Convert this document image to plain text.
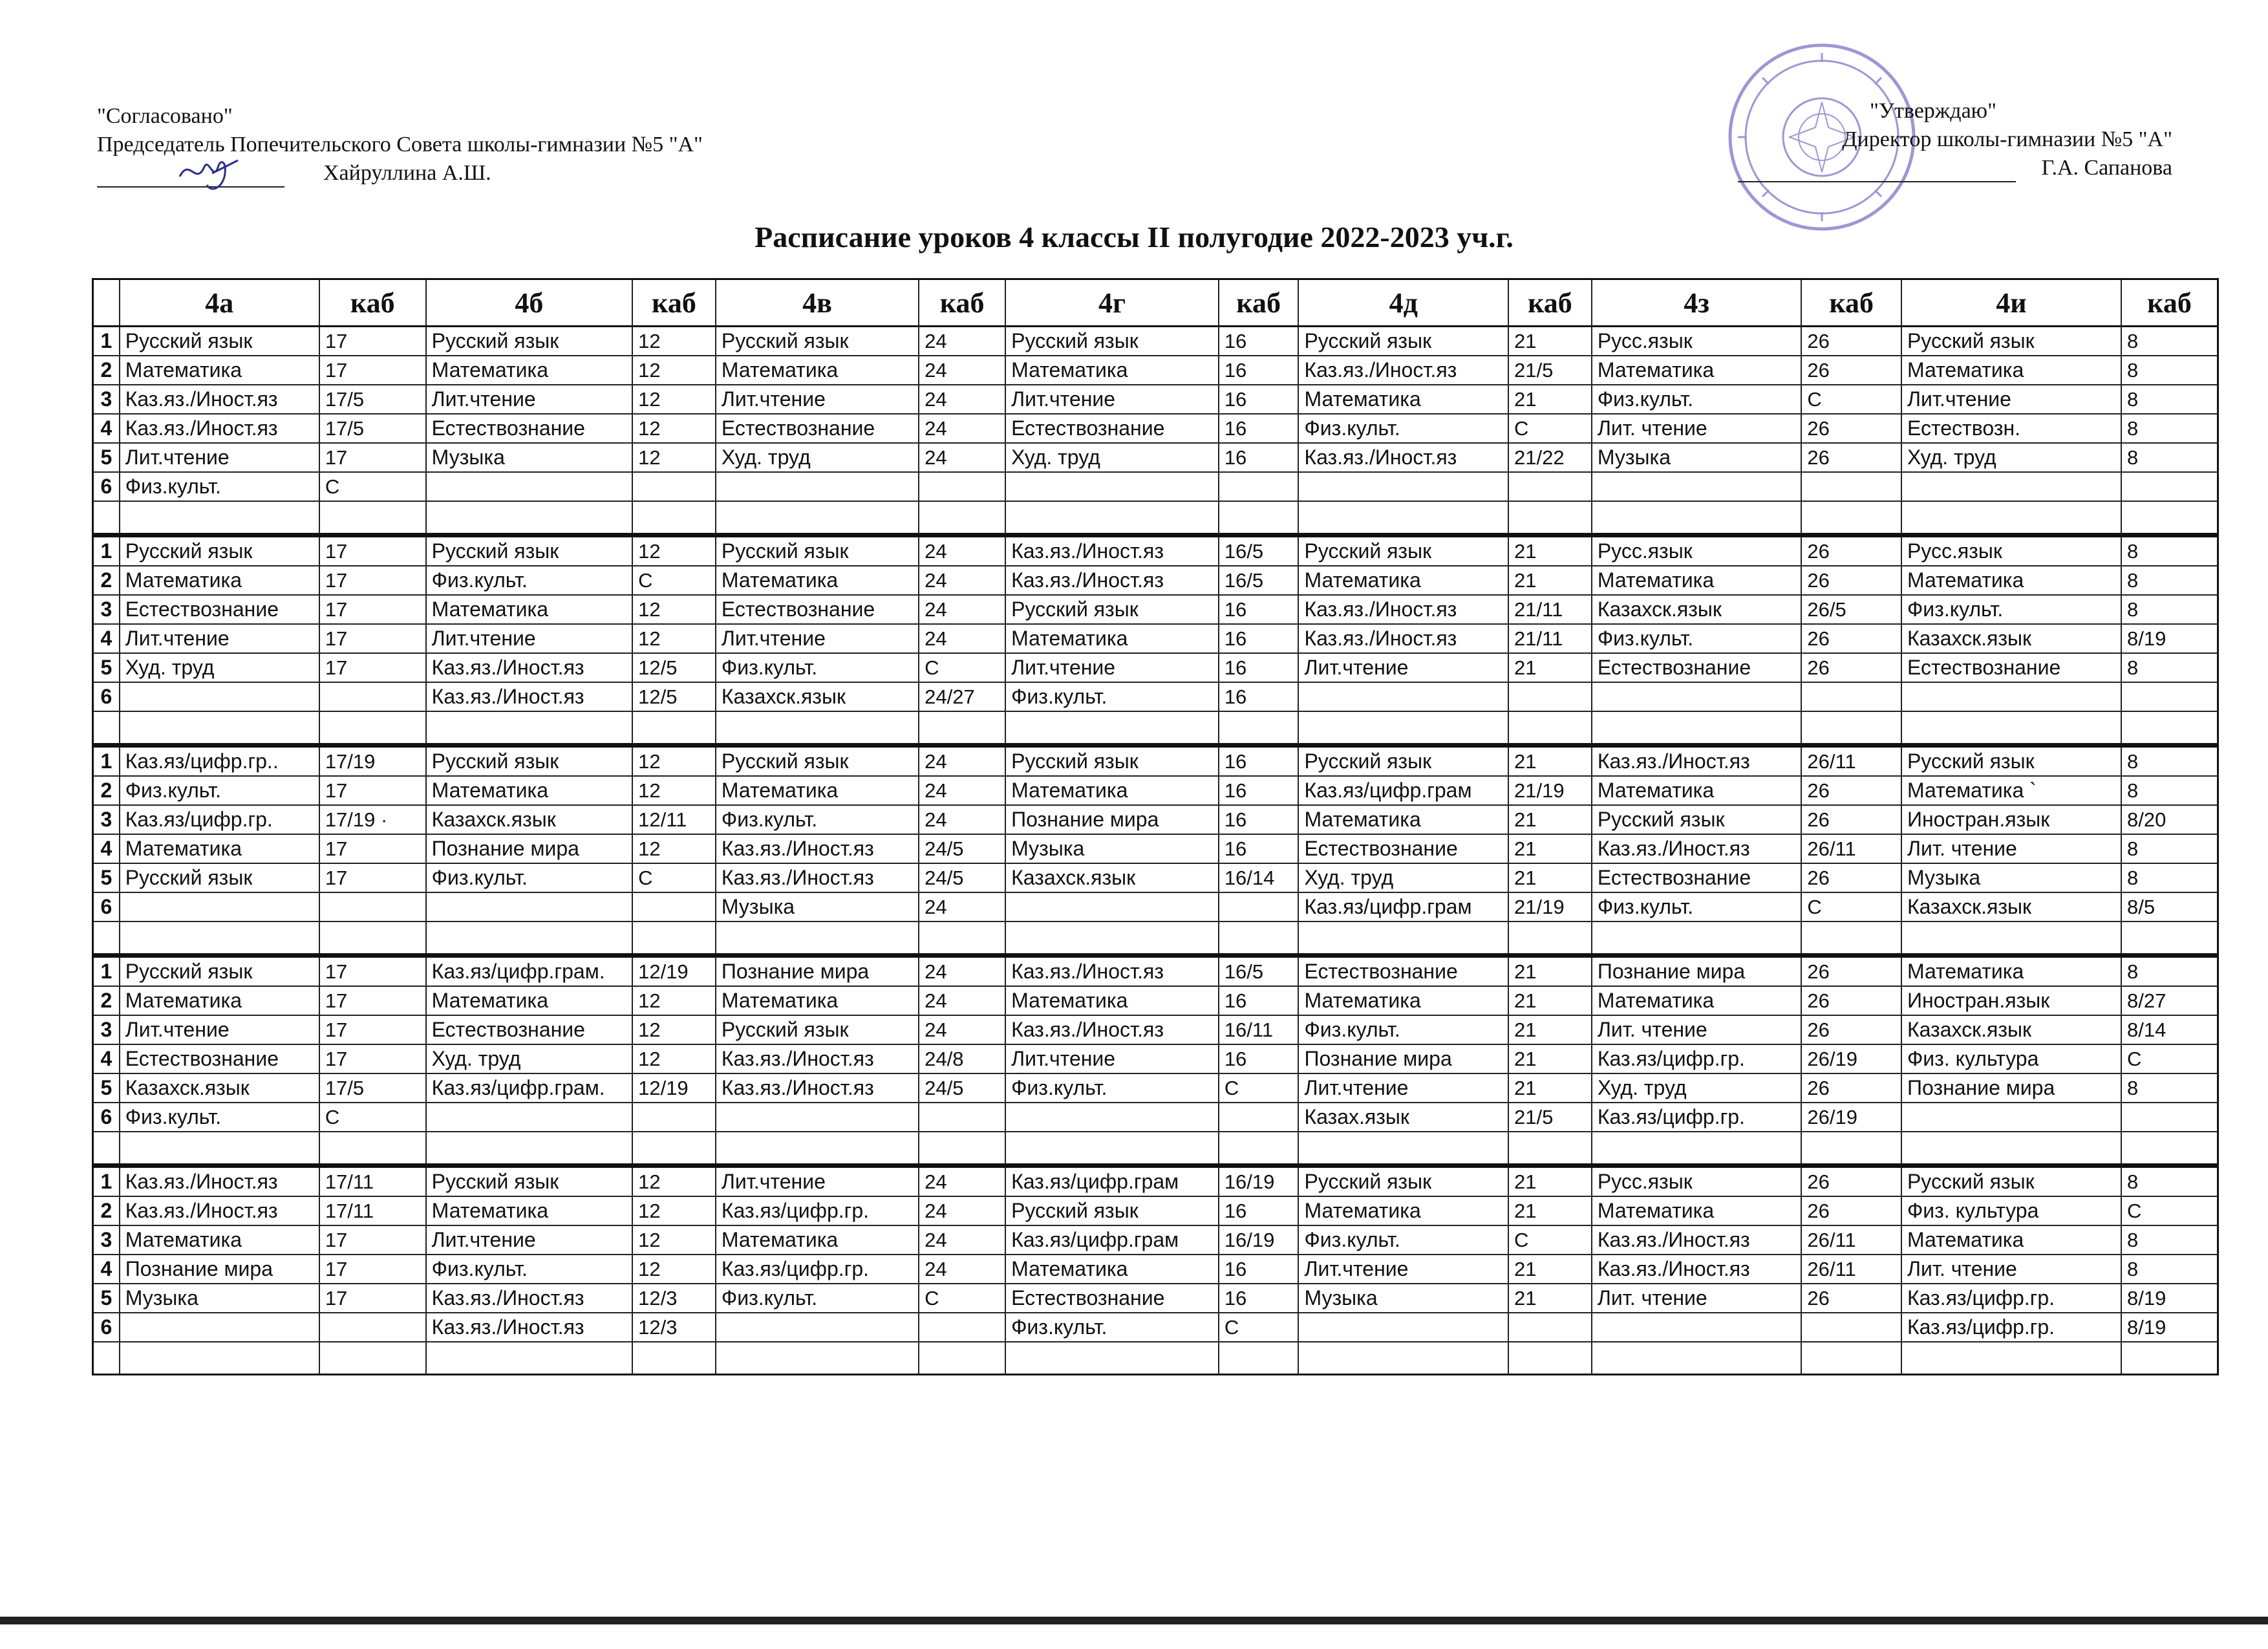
"Согласовано"
Председатель Попечительского Совета школы-гимназии №5 "А"
Хайруллина А.Ш.
"Утверждаю"
Директор школы-гимназии №5 "А"
Г.А. Сапанова
Расписание уроков 4 классы II полугодие 2022-2023 уч.г.
	4а	каб	4б	каб	4в	каб	4г	каб	4д	каб	4з	каб	4и	каб
1	Русский язык	17	Русский язык	12	Русский язык	24	Русский язык	16	Русский язык	21	Русс.язык	26	Русский язык	8
2	Математика	17	Математика	12	Математика	24	Математика	16	Каз.яз./Иност.яз	21/5	Математика	26	Математика	8
3	Каз.яз./Иност.яз	17/5	Лит.чтение	12	Лит.чтение	24	Лит.чтение	16	Математика	21	Физ.культ.	С	Лит.чтение	8
4	Каз.яз./Иност.яз	17/5	Естествознание	12	Естествознание	24	Естествознание	16	Физ.культ.	С	Лит. чтение	26	Естествозн.	8
5	Лит.чтение	17	Музыка	12	Худ. труд	24	Худ. труд	16	Каз.яз./Иност.яз	21/22	Музыка	26	Худ. труд	8
6	Физ.культ.	С												

1	Русский язык	17	Русский язык	12	Русский язык	24	Каз.яз./Иност.яз	16/5	Русский язык	21	Русс.язык	26	Русс.язык	8
2	Математика	17	Физ.культ.	С	Математика	24	Каз.яз./Иност.яз	16/5	Математика	21	Математика	26	Математика	8
3	Естествознание	17	Математика	12	Естествознание	24	Русский язык	16	Каз.яз./Иност.яз	21/11	Казахск.язык	26/5	Физ.культ.	8
4	Лит.чтение	17	Лит.чтение	12	Лит.чтение	24	Математика	16	Каз.яз./Иност.яз	21/11	Физ.культ.	26	Казахск.язык	8/19
5	Худ. труд	17	Каз.яз./Иност.яз	12/5	Физ.культ.	С	Лит.чтение	16	Лит.чтение	21	Естествознание	26	Естествознание	8
6			Каз.яз./Иност.яз	12/5	Казахск.язык	24/27	Физ.культ.	16						

1	Каз.яз/цифр.гр..	17/19	Русский язык	12	Русский язык	24	Русский язык	16	Русский язык	21	Каз.яз./Иност.яз	26/11	Русский язык	8
2	Физ.культ.	17	Математика	12	Математика	24	Математика	16	Каз.яз/цифр.грам	21/19	Математика	26	Математика `	8
3	Каз.яз/цифр.гр.	17/19 ·	Казахск.язык	12/11	Физ.культ.	24	Познание мира	16	Математика	21	Русский язык	26	Иностран.язык	8/20
4	Математика	17	Познание мира	12	Каз.яз./Иност.яз	24/5	Музыка	16	Естествознание	21	Каз.яз./Иност.яз	26/11	Лит. чтение	8
5	Русский язык	17	Физ.культ.	С	Каз.яз./Иност.яз	24/5	Казахск.язык	16/14	Худ. труд	21	Естествознание	26	Музыка	8
6					Музыка	24			Каз.яз/цифр.грам	21/19	Физ.культ.	С	Казахск.язык	8/5

1	Русский язык	17	Каз.яз/цифр.грам.	12/19	Познание мира	24	Каз.яз./Иност.яз	16/5	Естествознание	21	Познание мира	26	Математика	8
2	Математика	17	Математика	12	Математика	24	Математика	16	Математика	21	Математика	26	Иностран.язык	8/27
3	Лит.чтение	17	Естествознание	12	Русский язык	24	Каз.яз./Иност.яз	16/11	Физ.культ.	21	Лит. чтение	26	Казахск.язык	8/14
4	Естествознание	17	Худ. труд	12	Каз.яз./Иност.яз	24/8	Лит.чтение	16	Познание мира	21	Каз.яз/цифр.гр.	26/19	Физ. культура	С
5	Казахск.язык	17/5	Каз.яз/цифр.грам.	12/19	Каз.яз./Иност.яз	24/5	Физ.культ.	С	Лит.чтение	21	Худ. труд	26	Познание мира	8
6	Физ.культ.	С							Казах.язык	21/5	Каз.яз/цифр.гр.	26/19		

1	Каз.яз./Иност.яз	17/11	Русский язык	12	Лит.чтение	24	Каз.яз/цифр.грам	16/19	Русский язык	21	Русс.язык	26	Русский язык	8
2	Каз.яз./Иност.яз	17/11	Математика	12	Каз.яз/цифр.гр.	24	Русский язык	16	Математика	21	Математика	26	Физ. культура	С
3	Математика	17	Лит.чтение	12	Математика	24	Каз.яз/цифр.грам	16/19	Физ.культ.	С	Каз.яз./Иност.яз	26/11	Математика	8
4	Познание мира	17	Физ.культ.	12	Каз.яз/цифр.гр.	24	Математика	16	Лит.чтение	21	Каз.яз./Иност.яз	26/11	Лит. чтение	8
5	Музыка	17	Каз.яз./Иност.яз	12/3	Физ.культ.	С	Естествознание	16	Музыка	21	Лит. чтение	26	Каз.яз/цифр.гр.	8/19
6			Каз.яз./Иност.яз	12/3			Физ.культ.	С					Каз.яз/цифр.гр.	8/19
